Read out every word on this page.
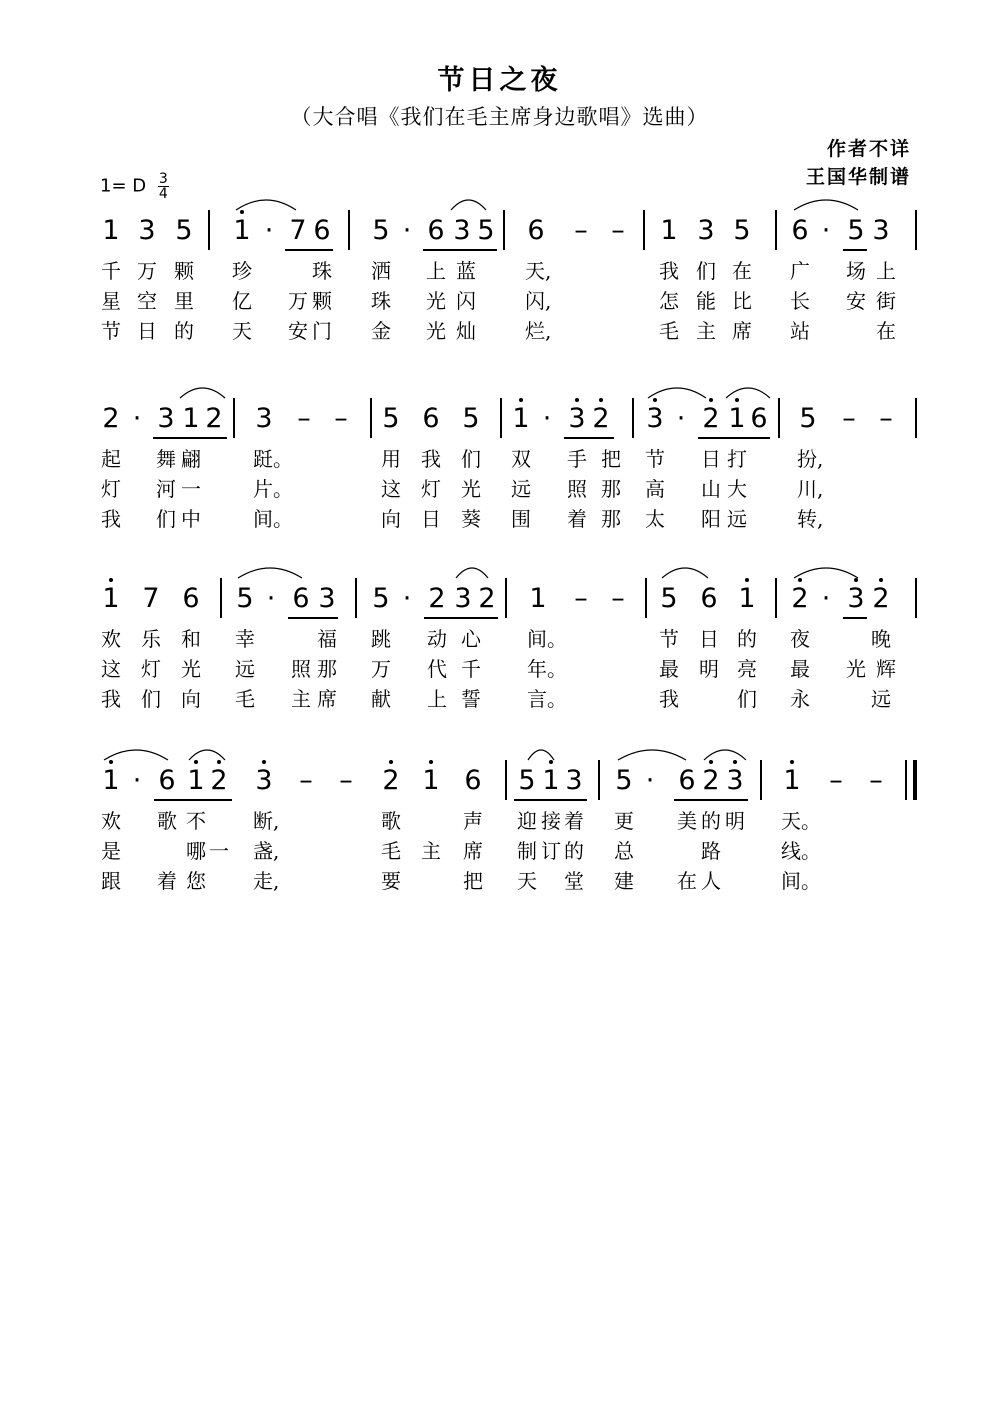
节日之夜
（大合唱《我们在毛主席身边歌唱》选曲）
作者不详
王国华制谱
1= D $\frac{3}{4}$
1 3 5 1 · 7 6 5 · 6 3 5 6 – – 1 3 5 6 · 5 3
千 万 颗 珍	珠 洒 上 蓝 天,	我 们 在 广 场 上
星 空 里 亿 万 颗 珠 光 闪 闪,	怎 能 比 长 安 街
节 日 的 天 安 门 金 光 灿 烂,	毛 主 席 站	在
2 · 3 1 2 3 – – 5 6 5 1 · 3 2 3 · 2 1 6 5 – –
起 舞 翩	跹。	用 我 们 双 手 把 节 日 打	扮,
灯 河 一	片。	这 灯 光 远 照 那 高 山 大	川,
我 们 中	间。	向 日 葵 围 着 那 太 阳 远	转,
1 7 6 5 · 6 3 5 · 2 3 2 1 – – 5 6 1 2 · 3 2
欢 乐 和 幸	福 跳 动 心 间。	节 日 的 夜	晚
这 灯 光 远 照 那 万 代 千 年。	最 明 亮 最 光 辉
我 们 向 毛 主 席 献 上 誓 言。	我	们 永	远
1 · 6 1 2 3 – – 2 1 6 5 1 3 5 · 6 2 3 1 – –
欢 歌 不 断,	歌	声 迎 接 着 更 美 的 明 天。
是	哪 一 盏,	毛 主 席 制 订 的 总	路	线。
跟 着 您 走,	要	把 天 堂 建 在 人	间。
